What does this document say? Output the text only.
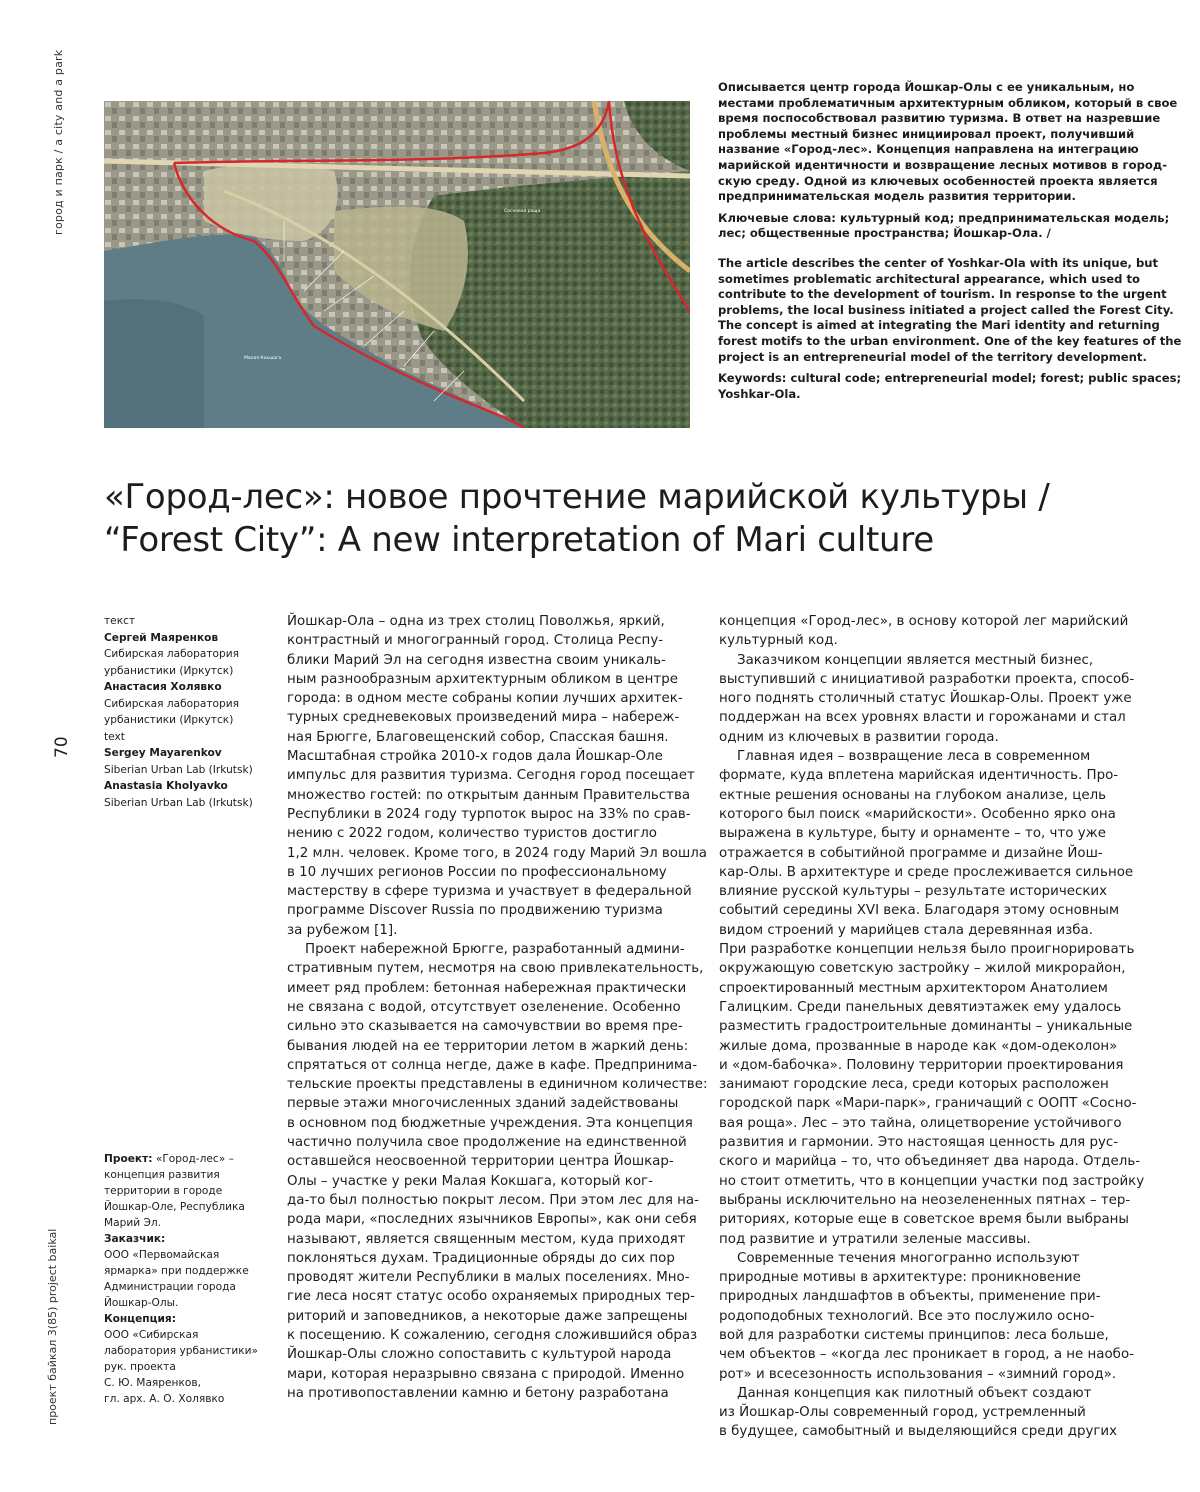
город и парк / a city and a park
70
проект байкал 3(85) project baikal
Малая Кокшага
Сосновая роща

Описывается центр города Йошкар-Олы с ее уникальным, но
местами проблематичным архитектурным обликом, который в свое
время поспособствовал развитию туризма. В ответ на назревшие
проблемы местный бизнес инициировал проект, получивший
название «Город-лес». Концепция направлена на интеграцию
марийской идентичности и возвращение лесных мотивов в город-
скую среду. Одной из ключевых особенностей проекта является
предпринимательская модель развития территории.

Ключевые слова: культурный код; предпринимательская модель;
лес; общественные пространства; Йошкар-Ола. /

The article describes the center of Yoshkar-Ola with its unique, but
sometimes problematic architectural appearance, which used to
contribute to the development of tourism. In response to the urgent
problems, the local business initiated a project called the Forest City.
The concept is aimed at integrating the Mari identity and returning
forest motifs to the urban environment. One of the key features of the
project is an entrepreneurial model of the territory development.

Keywords: cultural code; entrepreneurial model; forest; public spaces;
Yoshkar-Ola.

«Город-лес»: новое прочтение марийской культуры /
“Forest City”: A new interpretation of Mari culture
текст
Сергей Маяренков
Сибирская лаборатория
урбанистики (Иркутск)
Анастасия Холявко
Сибирская лаборатория
урбанистики (Иркутск)
text
Sergey Mayarenkov
Siberian Urban Lab (Irkutsk)
Anastasia Kholyavko
Siberian Urban Lab (Irkutsk)
Проект: «Город-лес» –
концепция развития
территории в городе
Йошкар-Оле, Республика
Марий Эл.
Заказчик:
ООО «Первомайская
ярмарка» при поддержке
Администрации города
Йошкар-Олы.
Концепция:
ООО «Сибирская
лаборатория урбанистики»
рук. проекта
С. Ю. Маяренков,
гл. арх. А. О. Холявко
Йошкар-Ола – одна из трех столиц Поволжья, яркий,
контрастный и многогранный город. Столица Респу-
блики Марий Эл на сегодня известна своим уникаль-
ным разнообразным архитектурным обликом в центре
города: в одном месте собраны копии лучших архитек-
турных средневековых произведений мира – набереж-
ная Брюгге, Благовещенский собор, Спасская башня.
Масштабная стройка 2010-х годов дала Йошкар-Оле
импульс для развития туризма. Сегодня город посещает
множество гостей: по открытым данным Правительства
Республики в 2024 году турпоток вырос на 33% по срав-
нению с 2022 годом, количество туристов достигло
1,2 млн. человек. Кроме того, в 2024 году Марий Эл вошла
в 10 лучших регионов России по профессиональному
мастерству в сфере туризма и участвует в федеральной
программе Discover Russia по продвижению туризма
за рубежом [1].
Проект набережной Брюгге, разработанный админи-
стративным путем, несмотря на свою привлекательность,
имеет ряд проблем: бетонная набережная практически
не связана с водой, отсутствует озеленение. Особенно
сильно это сказывается на самочувствии во время пре-
бывания людей на ее территории летом в жаркий день:
спрятаться от солнца негде, даже в кафе. Предпринима-
тельские проекты представлены в единичном количестве:
первые этажи многочисленных зданий задействованы
в основном под бюджетные учреждения. Эта концепция
частично получила свое продолжение на единственной
оставшейся неосвоенной территории центра Йошкар-
Олы – участке у реки Малая Кокшага, который ког-
да-то был полностью покрыт лесом. При этом лес для на-
рода мари, «последних язычников Европы», как они себя
называют, является священным местом, куда приходят
поклоняться духам. Традиционные обряды до сих пор
проводят жители Республики в малых поселениях. Мно-
гие леса носят статус особо охраняемых природных тер-
риторий и заповедников, а некоторые даже запрещены
к посещению. К сожалению, сегодня сложившийся образ
Йошкар-Олы сложно сопоставить с культурой народа
мари, которая неразрывно связана с природой. Именно
на противопоставлении камню и бетону разработана
концепция «Город-лес», в основу которой лег марийский
культурный код.
Заказчиком концепции является местный бизнес,
выступивший с инициативой разработки проекта, способ-
ного поднять столичный статус Йошкар-Олы. Проект уже
поддержан на всех уровнях власти и горожанами и стал
одним из ключевых в развитии города.
Главная идея – возвращение леса в современном
формате, куда вплетена марийская идентичность. Про-
ектные решения основаны на глубоком анализе, цель
которого был поиск «марийскости». Особенно ярко она
выражена в культуре, быту и орнаменте – то, что уже
отражается в событийной программе и дизайне Йош-
кар-Олы. В архитектуре и среде прослеживается сильное
влияние русской культуры – результате исторических
событий середины XVI века. Благодаря этому основным
видом строений у марийцев стала деревянная изба.
При разработке концепции нельзя было проигнорировать
окружающую советскую застройку – жилой микрорайон,
спроектированный местным архитектором Анатолием
Галицким. Среди панельных девятиэтажек ему удалось
разместить градостроительные доминанты – уникальные
жилые дома, прозванные в народе как «дом-одеколон»
и «дом-бабочка». Половину территории проектирования
занимают городские леса, среди которых расположен
городской парк «Мари-парк», граничащий с ООПТ «Сосно-
вая роща». Лес – это тайна, олицетворение устойчивого
развития и гармонии. Это настоящая ценность для рус-
ского и марийца – то, что объединяет два народа. Отдель-
но стоит отметить, что в концепции участки под застройку
выбраны исключительно на неозелененных пятнах – тер-
риториях, которые еще в советское время были выбраны
под развитие и утратили зеленые массивы.
Современные течения многогранно используют
природные мотивы в архитектуре: проникновение
природных ландшафтов в объекты, применение при-
родоподобных технологий. Все это послужило осно-
вой для разработки системы принципов: леса больше,
чем объектов – «когда лес проникает в город, а не наобо-
рот» и всесезонность использования – «зимний город».
Данная концепция как пилотный объект создают
из Йошкар-Олы современный город, устремленный
в будущее, самобытный и выделяющийся среди других
